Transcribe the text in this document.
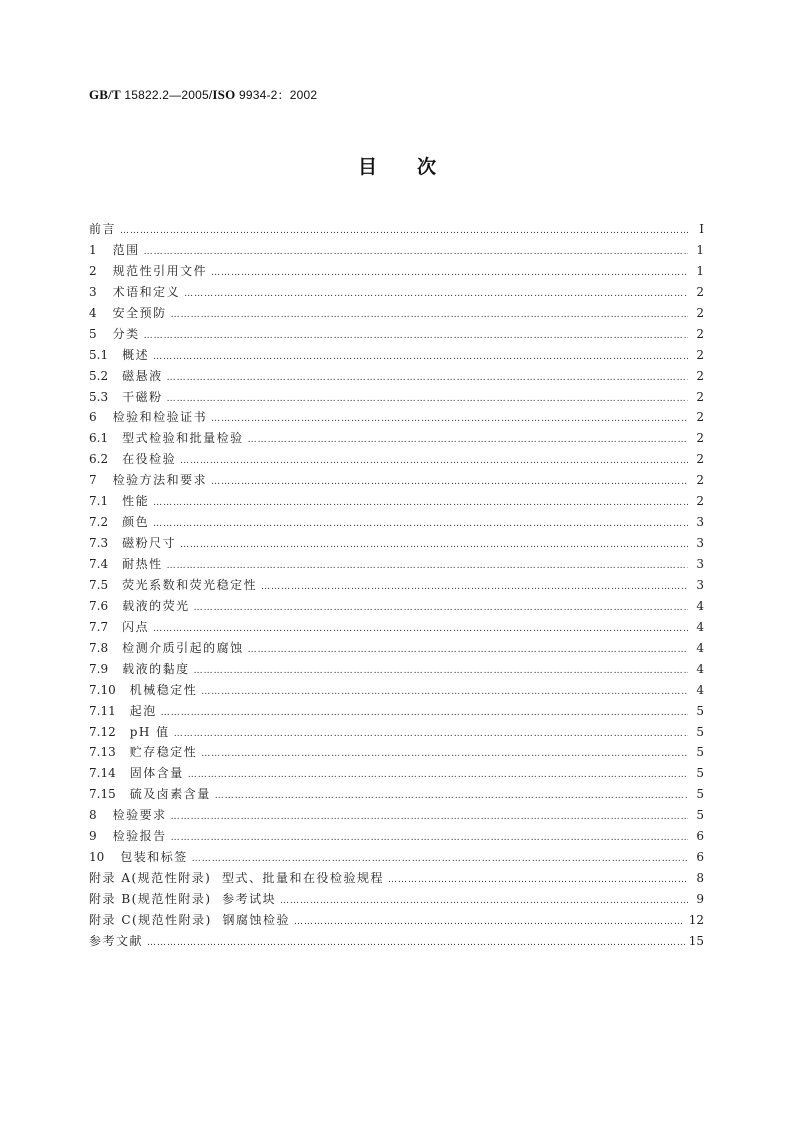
GB/T 15822.2—2005/ISO 9934-2：2002
目次
前言 ……………………………………………………………………………………………………………………………………………………………………………………………	I
1 范围 ……………………………………………………………………………………………………………………………………………………………………………………………	1
2 规范性引用文件 ……………………………………………………………………………………………………………………………………………………………………………………………	1
3 术语和定义 ……………………………………………………………………………………………………………………………………………………………………………………………	2
4 安全预防 ……………………………………………………………………………………………………………………………………………………………………………………………	2
5 分类 ……………………………………………………………………………………………………………………………………………………………………………………………	2
5.1 概述 ……………………………………………………………………………………………………………………………………………………………………………………………	2
5.2 磁悬液 ……………………………………………………………………………………………………………………………………………………………………………………………	2
5.3 干磁粉 ……………………………………………………………………………………………………………………………………………………………………………………………	2
6 检验和检验证书 ……………………………………………………………………………………………………………………………………………………………………………………………	2
6.1 型式检验和批量检验 ……………………………………………………………………………………………………………………………………………………………………………………………	2
6.2 在役检验 ……………………………………………………………………………………………………………………………………………………………………………………………	2
7 检验方法和要求 ……………………………………………………………………………………………………………………………………………………………………………………………	2
7.1 性能 ……………………………………………………………………………………………………………………………………………………………………………………………	2
7.2 颜色 ……………………………………………………………………………………………………………………………………………………………………………………………	3
7.3 磁粉尺寸 ……………………………………………………………………………………………………………………………………………………………………………………………	3
7.4 耐热性 ……………………………………………………………………………………………………………………………………………………………………………………………	3
7.5 荧光系数和荧光稳定性 ……………………………………………………………………………………………………………………………………………………………………………………………	3
7.6 载液的荧光 ……………………………………………………………………………………………………………………………………………………………………………………………	4
7.7 闪点 ……………………………………………………………………………………………………………………………………………………………………………………………	4
7.8 检测介质引起的腐蚀 ……………………………………………………………………………………………………………………………………………………………………………………………	4
7.9 载液的黏度 ……………………………………………………………………………………………………………………………………………………………………………………………	4
7.10 机械稳定性 ……………………………………………………………………………………………………………………………………………………………………………………………	4
7.11 起泡 ……………………………………………………………………………………………………………………………………………………………………………………………	5
7.12 pH 值 ……………………………………………………………………………………………………………………………………………………………………………………………	5
7.13 贮存稳定性 ……………………………………………………………………………………………………………………………………………………………………………………………	5
7.14 固体含量 ……………………………………………………………………………………………………………………………………………………………………………………………	5
7.15 硫及卤素含量 ……………………………………………………………………………………………………………………………………………………………………………………………	5
8 检验要求 ……………………………………………………………………………………………………………………………………………………………………………………………	5
9 检验报告 ……………………………………………………………………………………………………………………………………………………………………………………………	6
10 包装和标签 ……………………………………………………………………………………………………………………………………………………………………………………………	6
附录 A(规范性附录)  型式、批量和在役检验规程 ……………………………………………………………………………………………………………………………………………………………………………………………	8
附录 B(规范性附录)  参考试块 ……………………………………………………………………………………………………………………………………………………………………………………………	9
附录 C(规范性附录)  钢腐蚀检验 ……………………………………………………………………………………………………………………………………………………………………………………………	12
参考文献 ……………………………………………………………………………………………………………………………………………………………………………………………	15
